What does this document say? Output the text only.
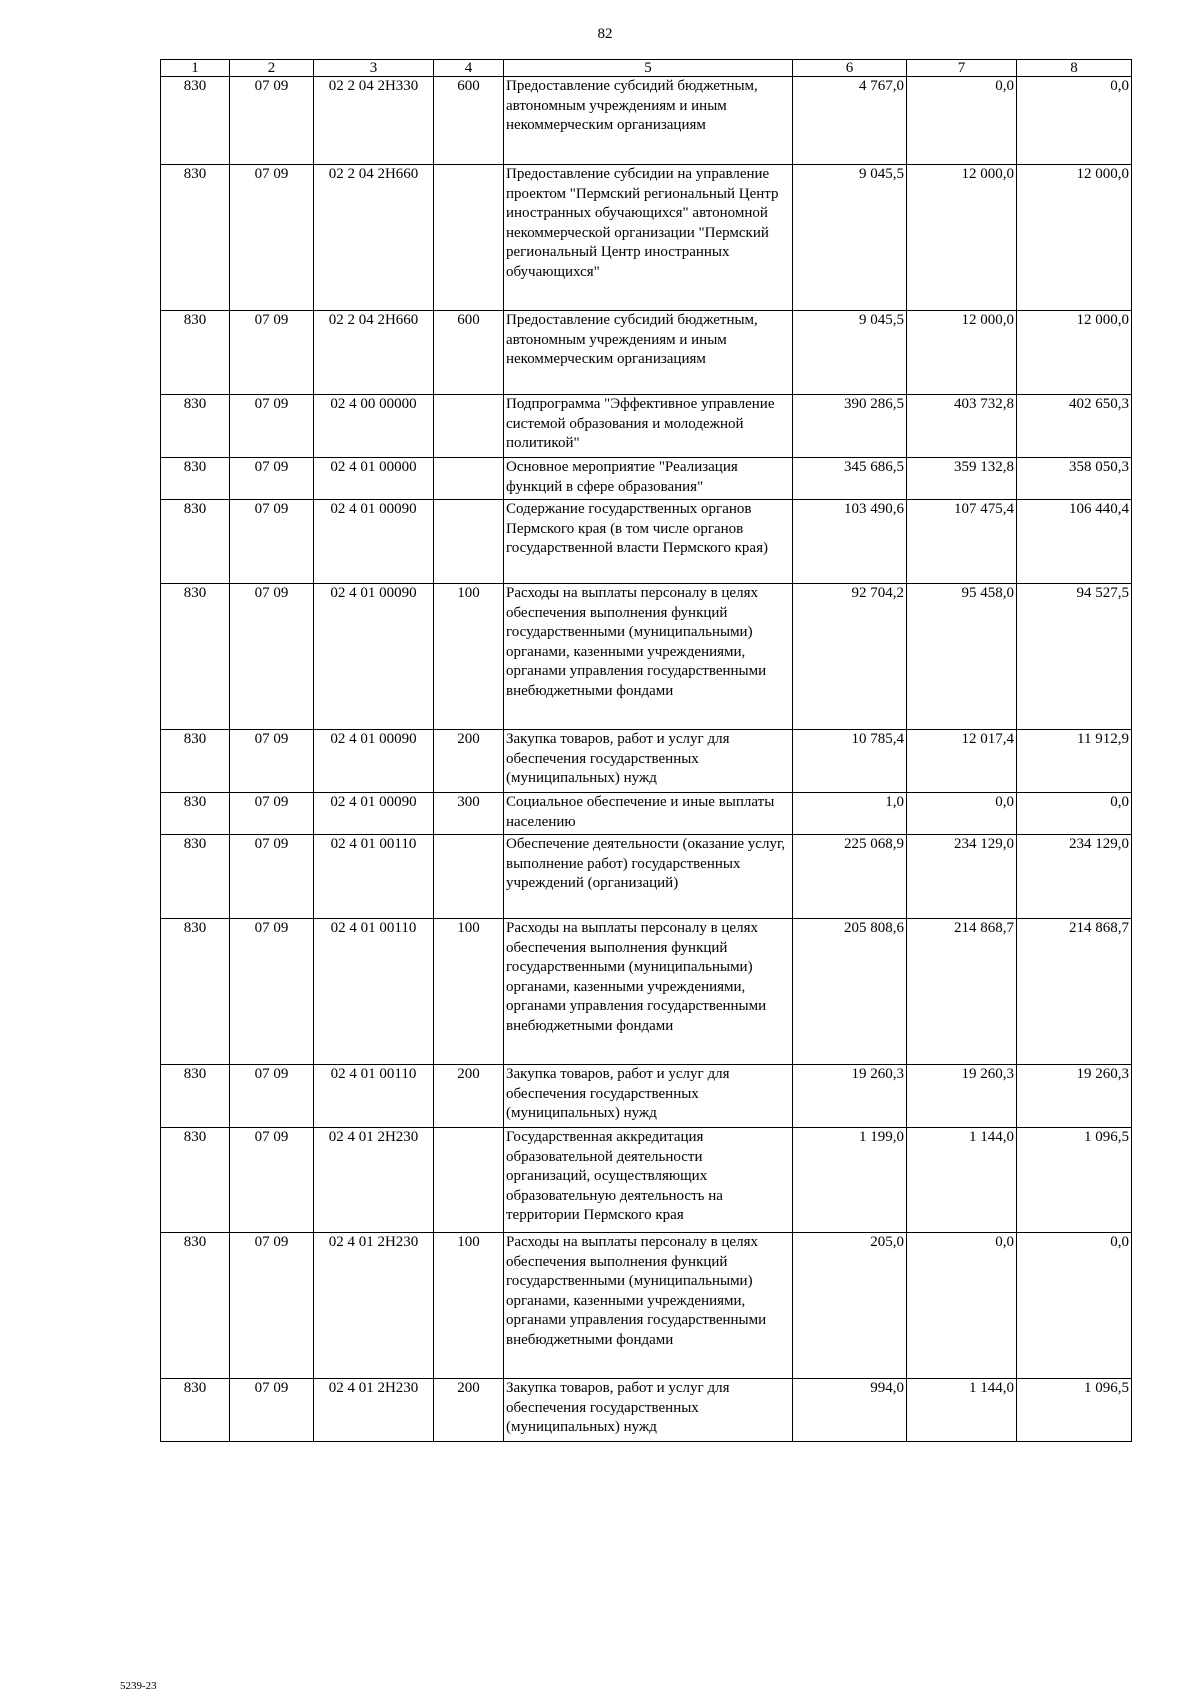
82
1	2	3	4	5	6	7	8
830	07 09	02 2 04 2Н330	600	Предоставление субсидий бюджетным, автономным учреждениям и иным некоммерческим организациям	4 767,0	0,0	0,0
830	07 09	02 2 04 2Н660		Предоставление субсидии на управление проектом "Пермский региональный Центр иностранных обучающихся" автономной некоммерческой организации "Пермский региональный Центр иностранных обучающихся"	9 045,5	12 000,0	12 000,0
830	07 09	02 2 04 2Н660	600	Предоставление субсидий бюджетным, автономным учреждениям и иным некоммерческим организациям	9 045,5	12 000,0	12 000,0
830	07 09	02 4 00 00000		Подпрограмма "Эффективное управление системой образования и молодежной политикой"	390 286,5	403 732,8	402 650,3
830	07 09	02 4 01 00000		Основное мероприятие "Реализация функций в сфере образования"	345 686,5	359 132,8	358 050,3
830	07 09	02 4 01 00090		Содержание государственных органов Пермского края (в том числе органов государственной власти Пермского края)	103 490,6	107 475,4	106 440,4
830	07 09	02 4 01 00090	100	Расходы на выплаты персоналу в целях обеспечения выполнения функций государственными (муниципальными) органами, казенными учреждениями, органами управления государственными внебюджетными фондами	92 704,2	95 458,0	94 527,5
830	07 09	02 4 01 00090	200	Закупка товаров, работ и услуг для обеспечения государственных (муниципальных) нужд	10 785,4	12 017,4	11 912,9
830	07 09	02 4 01 00090	300	Социальное обеспечение и иные выплаты населению	1,0	0,0	0,0
830	07 09	02 4 01 00110		Обеспечение деятельности (оказание услуг, выполнение работ) государственных учреждений (организаций)	225 068,9	234 129,0	234 129,0
830	07 09	02 4 01 00110	100	Расходы на выплаты персоналу в целях обеспечения выполнения функций государственными (муниципальными) органами, казенными учреждениями, органами управления государственными внебюджетными фондами	205 808,6	214 868,7	214 868,7
830	07 09	02 4 01 00110	200	Закупка товаров, работ и услуг для обеспечения государственных (муниципальных) нужд	19 260,3	19 260,3	19 260,3
830	07 09	02 4 01 2Н230		Государственная аккредитация образовательной деятельности организаций, осуществляющих образовательную деятельность на территории Пермского края	1 199,0	1 144,0	1 096,5
830	07 09	02 4 01 2Н230	100	Расходы на выплаты персоналу в целях обеспечения выполнения функций государственными (муниципальными) органами, казенными учреждениями, органами управления государственными внебюджетными фондами	205,0	0,0	0,0
830	07 09	02 4 01 2Н230	200	Закупка товаров, работ и услуг для обеспечения государственных (муниципальных) нужд	994,0	1 144,0	1 096,5
5239-23
